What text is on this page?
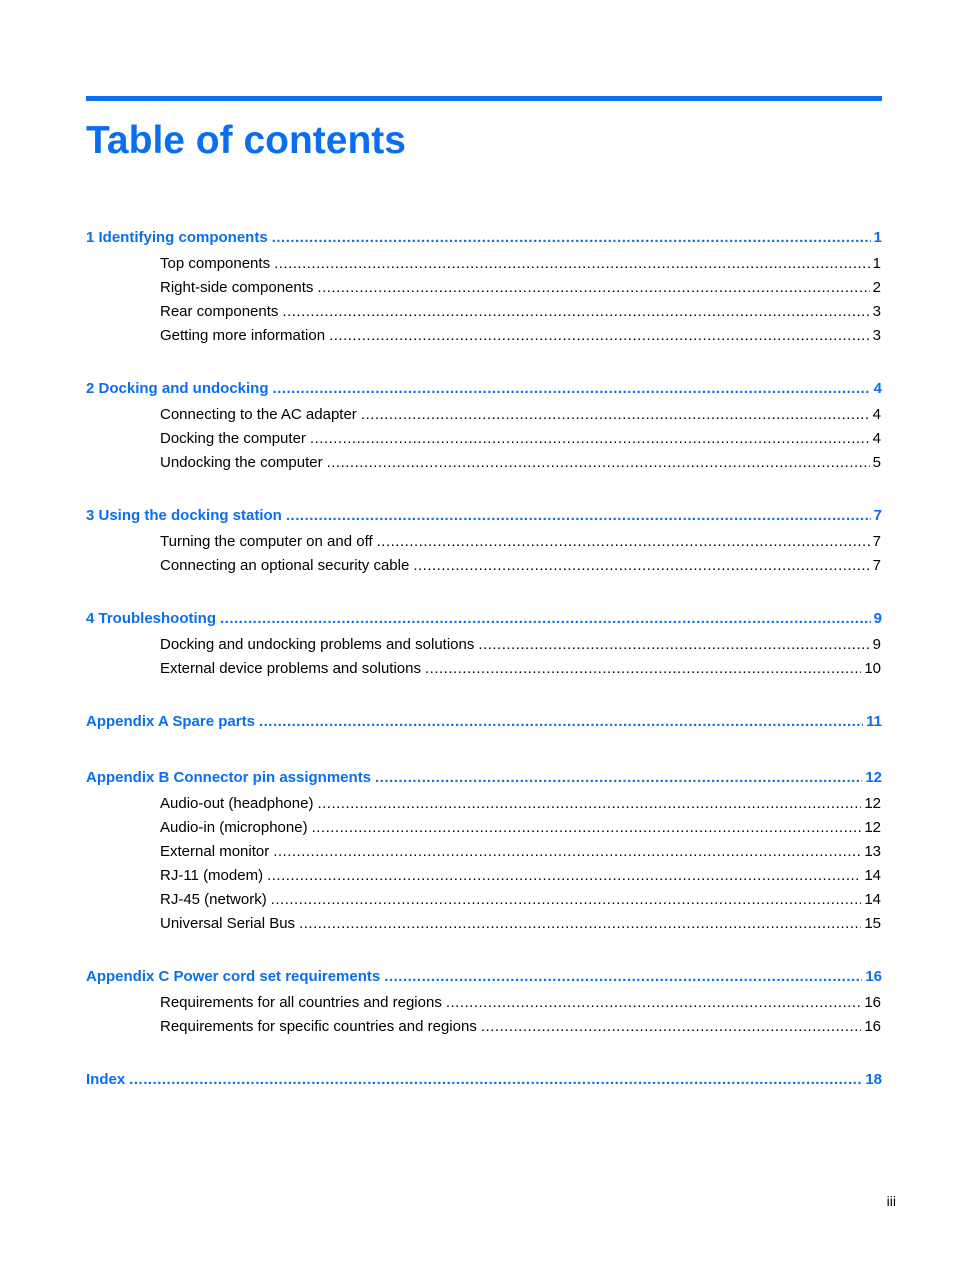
Table of contents
1 Identifying components .....	1
Top components .....	1
Right-side components .....	2
Rear components .....	3
Getting more information .....	3
2 Docking and undocking .....	4
Connecting to the AC adapter .....	4
Docking the computer .....	4
Undocking the computer .....	5
3 Using the docking station .....	7
Turning the computer on and off .....	7
Connecting an optional security cable .....	7
4 Troubleshooting .....	9
Docking and undocking problems and solutions .....	9
External device problems and solutions .....	10
Appendix A Spare parts .....	11
Appendix B Connector pin assignments .....	12
Audio-out (headphone) .....	12
Audio-in (microphone) .....	12
External monitor .....	13
RJ-11 (modem) .....	14
RJ-45 (network) .....	14
Universal Serial Bus .....	15
Appendix C Power cord set requirements .....	16
Requirements for all countries and regions .....	16
Requirements for specific countries and regions .....	16
Index .....	18
iii
